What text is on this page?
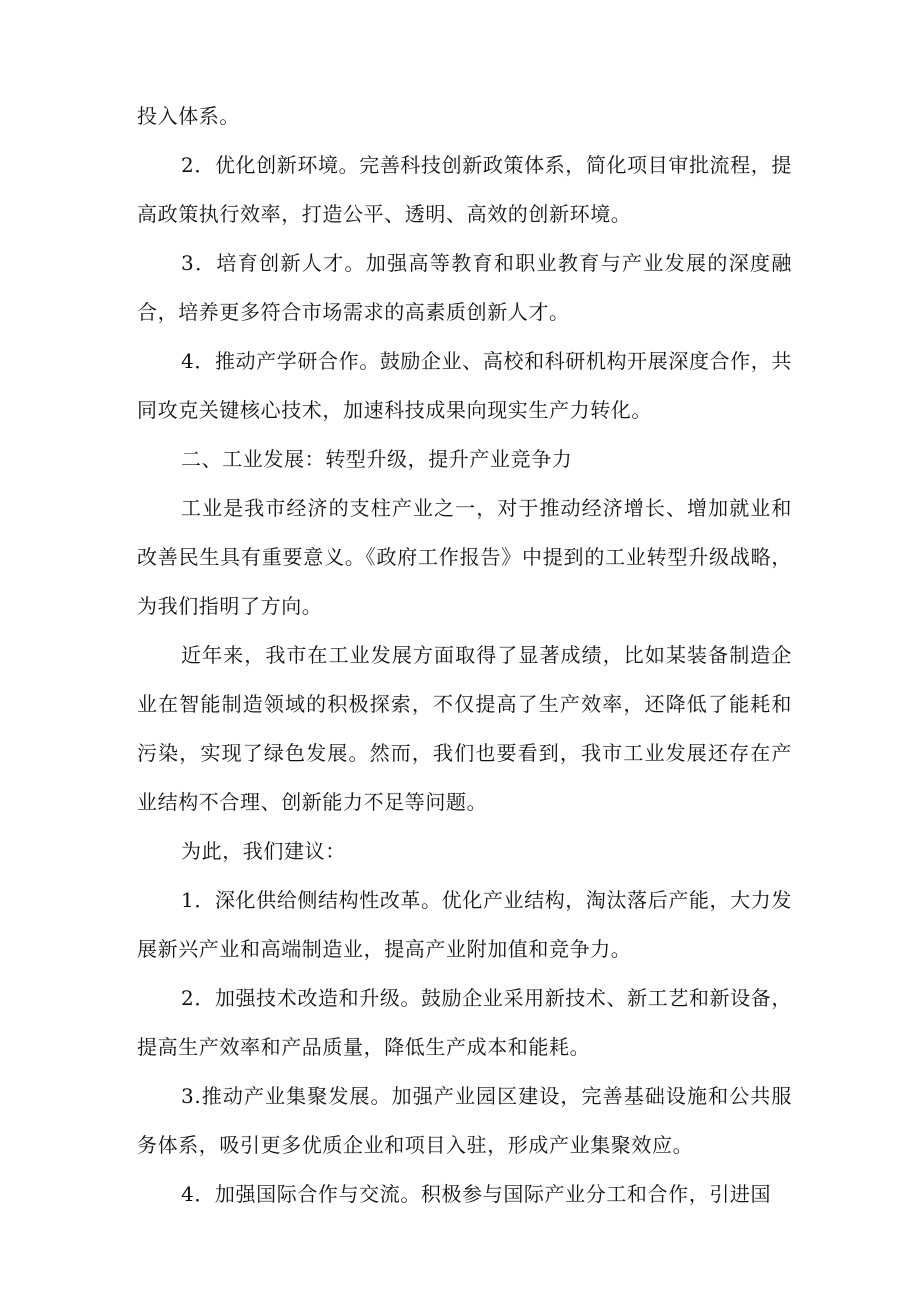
投入体系。

2．优化创新环境。完善科技创新政策体系，简化项目审批流程，提高政策执行效率，打造公平、透明、高效的创新环境。

3．培育创新人才。加强高等教育和职业教育与产业发展的深度融合，培养更多符合市场需求的高素质创新人才。

4．推动产学研合作。鼓励企业、高校和科研机构开展深度合作，共同攻克关键核心技术，加速科技成果向现实生产力转化。

二、工业发展：转型升级，提升产业竞争力

工业是我市经济的支柱产业之一，对于推动经济增长、增加就业和改善民生具有重要意义。《政府工作报告》中提到的工业转型升级战略，为我们指明了方向。

近年来，我市在工业发展方面取得了显著成绩，比如某装备制造企业在智能制造领域的积极探索，不仅提高了生产效率，还降低了能耗和污染，实现了绿色发展。然而，我们也要看到，我市工业发展还存在产业结构不合理、创新能力不足等问题。

为此，我们建议：

1．深化供给侧结构性改革。优化产业结构，淘汰落后产能，大力发展新兴产业和高端制造业，提高产业附加值和竞争力。

2．加强技术改造和升级。鼓励企业采用新技术、新工艺和新设备，提高生产效率和产品质量，降低生产成本和能耗。

3.推动产业集聚发展。加强产业园区建设，完善基础设施和公共服务体系，吸引更多优质企业和项目入驻，形成产业集聚效应。

4．加强国际合作与交流。积极参与国际产业分工和合作，引进国
